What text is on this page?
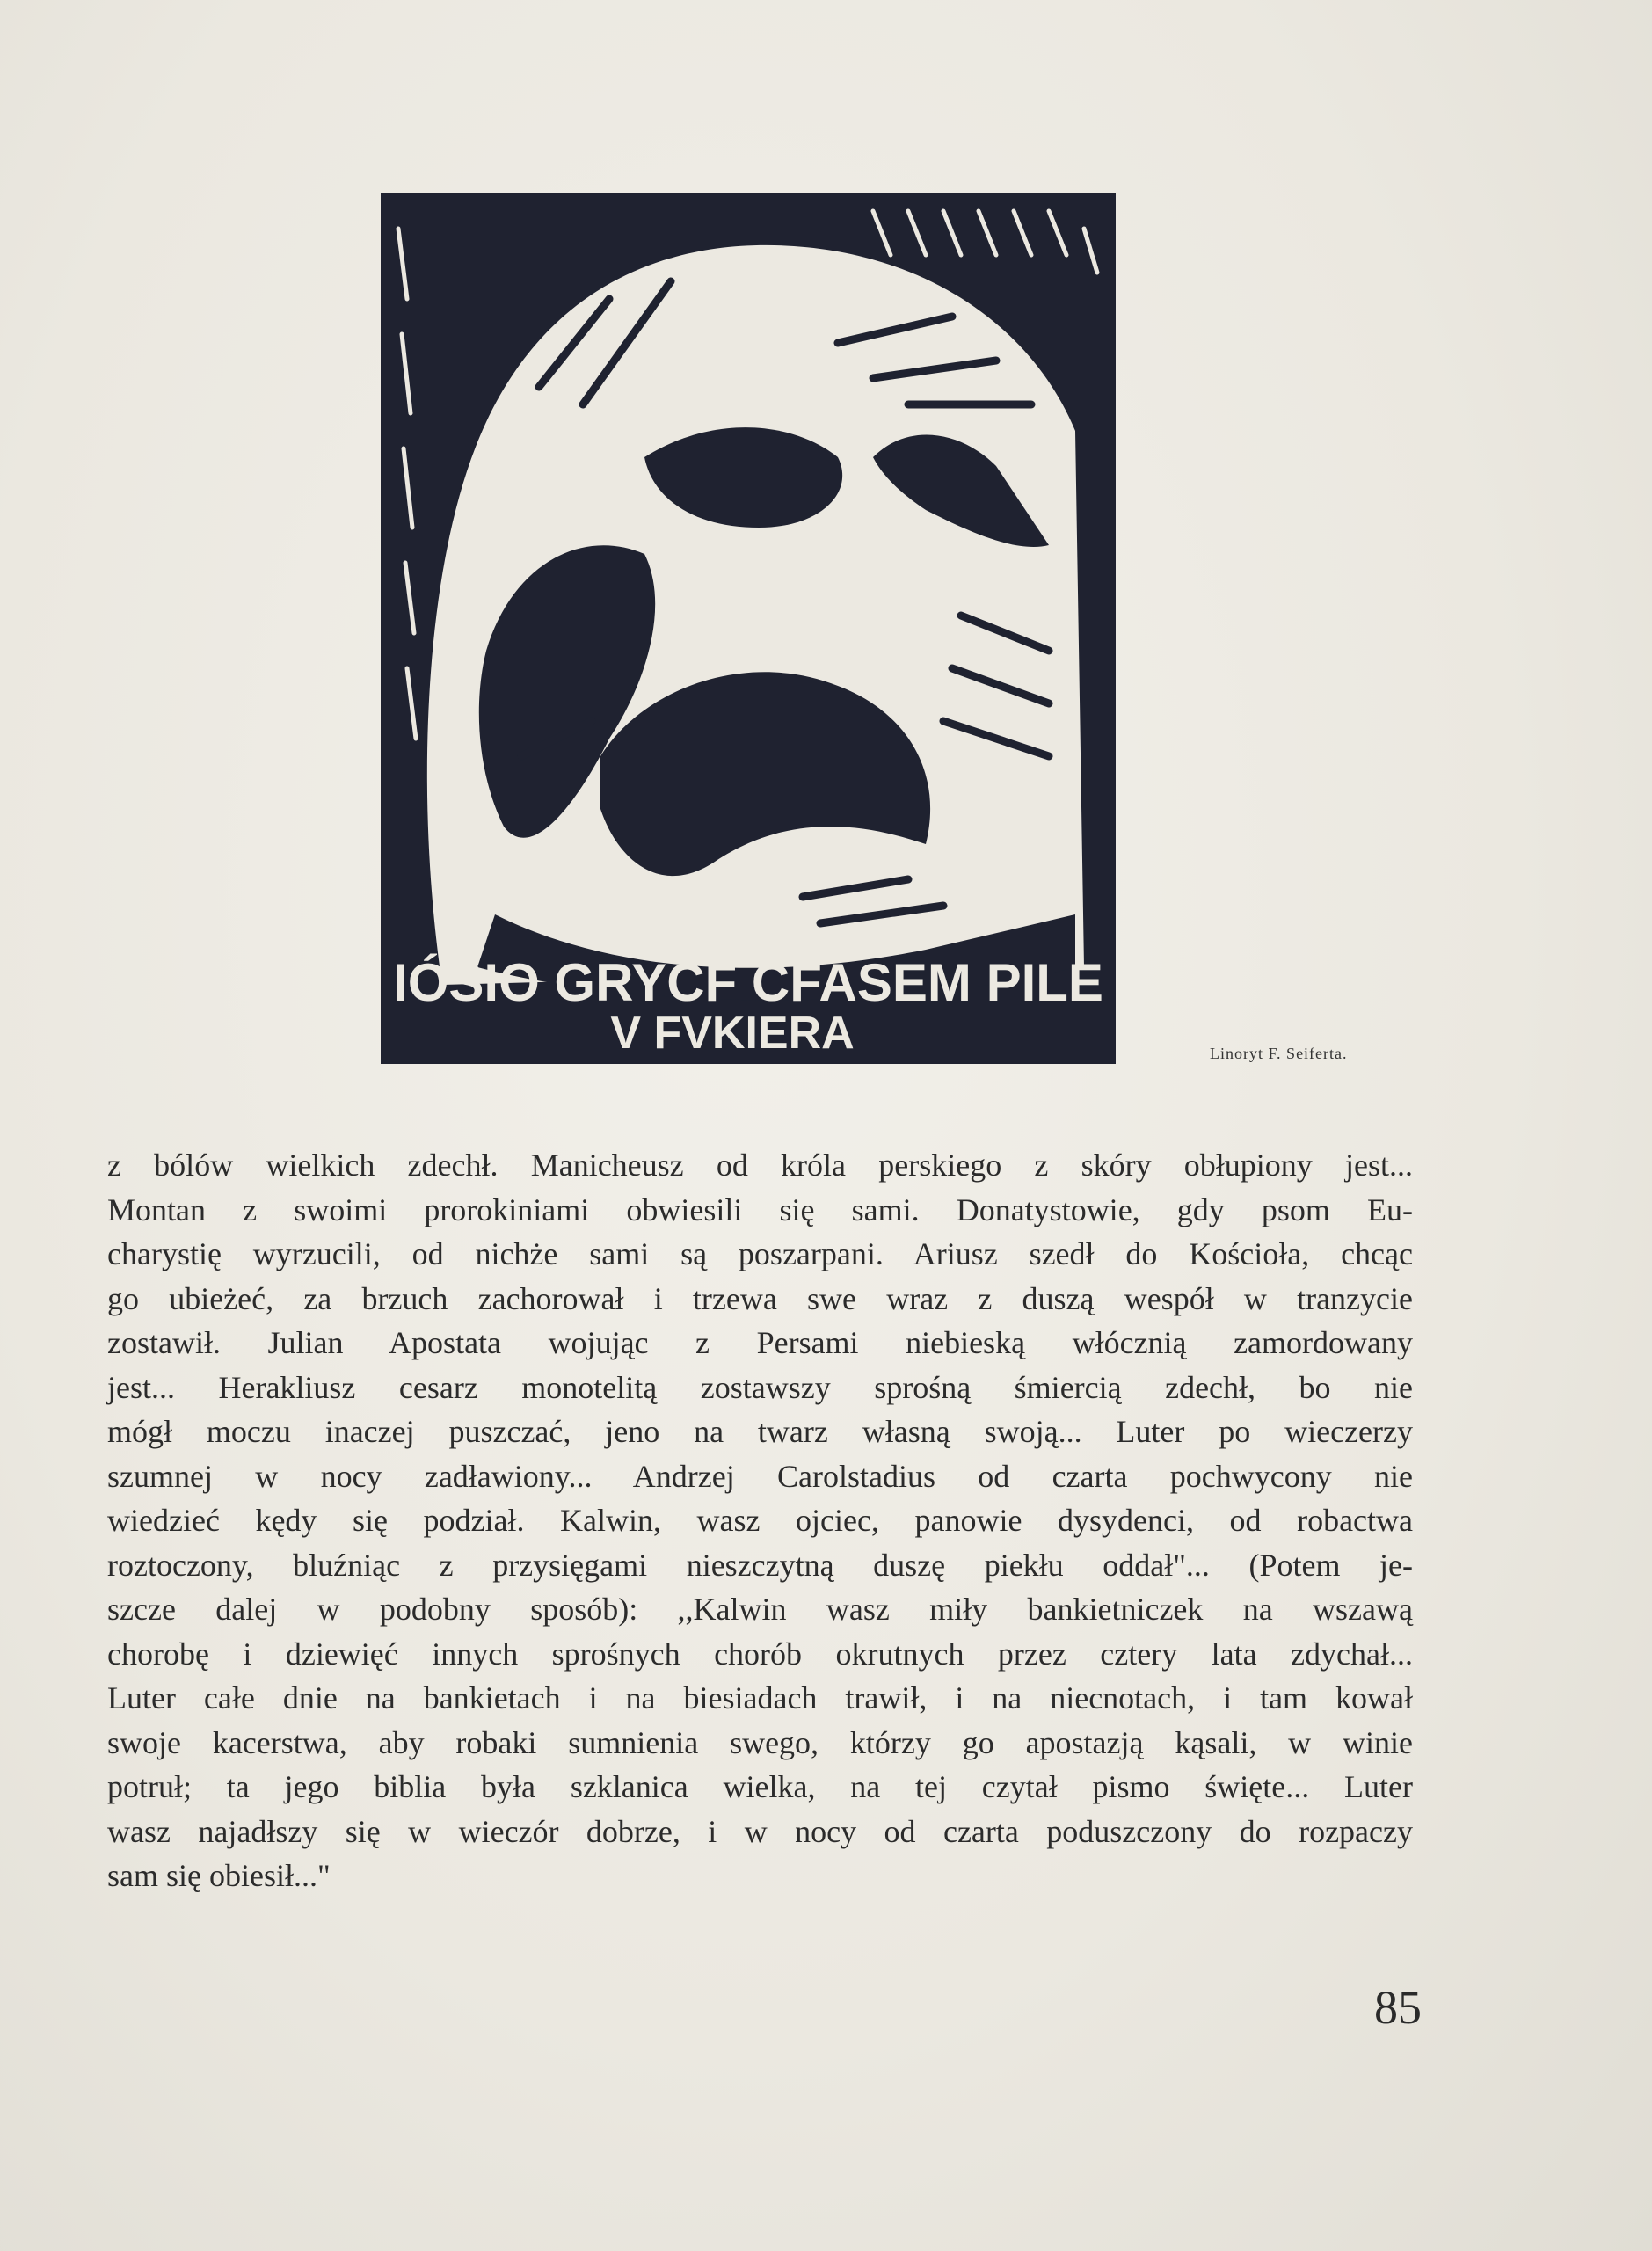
IÓŚIO GRYCF CFASEM PILE
V FVKIERA	Linoryt F. Seiferta.
z bólów wielkich zdechł. Manicheusz od króla perskiego z skóry obłupiony jest...
Montan z swoimi prorokiniami obwiesili się sami. Donatystowie, gdy psom Eu-
charystię wyrzucili, od nichże sami są poszarpani. Ariusz szedł do Kościoła, chcąc
go ubieżeć, za brzuch zachorował i trzewa swe wraz z duszą wespół w tranzycie
zostawił. Julian Apostata wojując z Persami niebieską włócznią zamordowany
jest... Herakliusz cesarz monotelitą zostawszy sprośną śmiercią zdechł, bo nie
mógł moczu inaczej puszczać, jeno na twarz własną swoją... Luter po wieczerzy
szumnej w nocy zadławiony... Andrzej Carolstadius od czarta pochwycony nie
wiedzieć kędy się podział. Kalwin, wasz ojciec, panowie dysydenci, od robactwa
roztoczony, bluźniąc z przysięgami nieszczytną duszę piekłu oddał"... (Potem je-
szcze dalej w podobny sposób): ,,Kalwin wasz miły bankietniczek na wszawą
chorobę i dziewięć innych sprośnych chorób okrutnych przez cztery lata zdychał...
Luter całe dnie na bankietach i na biesiadach trawił, i na niecnotach, i tam kował
swoje kacerstwa, aby robaki sumnienia swego, którzy go apostazją kąsali, w winie
potruł; ta jego biblia była szklanica wielka, na tej czytał pismo święte... Luter
wasz najadłszy się w wieczór dobrze, i w nocy od czarta poduszczony do rozpaczy
sam się obiesił..."
85
